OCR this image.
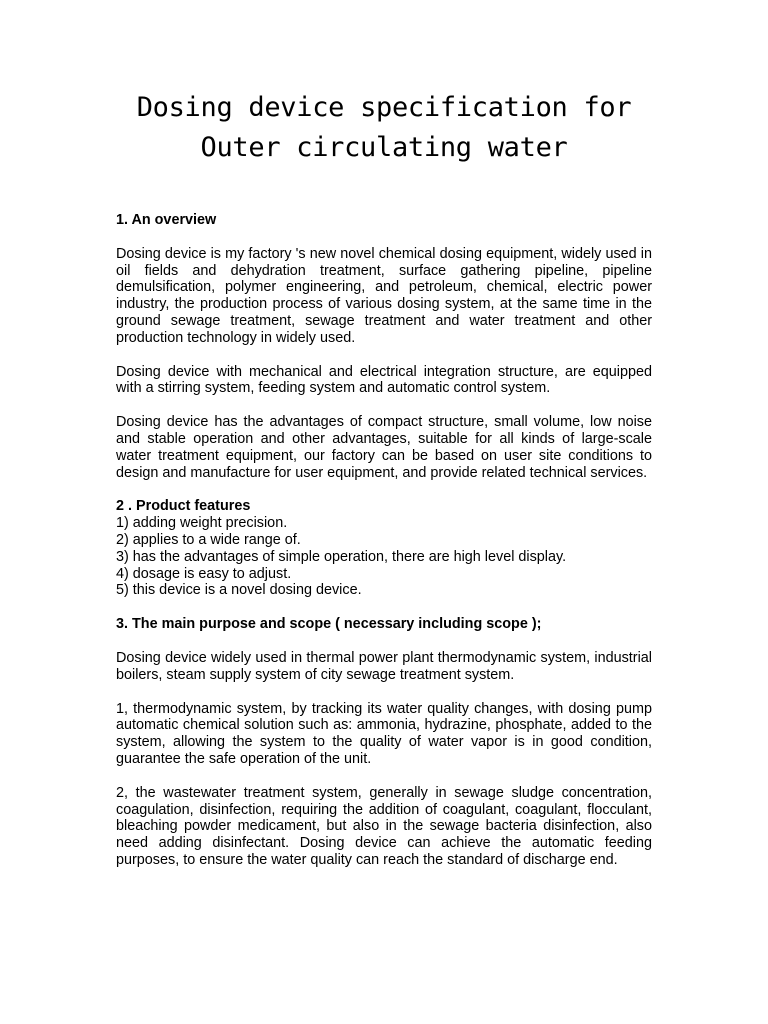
Dosing device specification for
Outer circulating water

1. An overview

Dosing device is my factory 's new novel chemical dosing equipment, widely used in oil fields and dehydration treatment, surface gathering pipeline, pipeline demulsification, polymer engineering, and petroleum, chemical, electric power industry, the production process of various dosing system, at the same time in the ground sewage treatment, sewage treatment and water treatment and other production technology in widely used.

Dosing device with mechanical and electrical integration structure, are equipped with a stirring system, feeding system and automatic control system.

Dosing device has the advantages of compact structure, small volume, low noise and stable operation and other advantages, suitable for all kinds of large-scale water treatment equipment, our factory can be based on user site conditions to design and manufacture for user equipment, and provide related technical services.

2 . Product features

1) adding weight precision.
2) applies to a wide range of.
3) has the advantages of simple operation, there are high level display.
4) dosage is easy to adjust.
5) this device is a novel dosing device.

3. The main purpose and scope ( necessary including scope );

Dosing device widely used in thermal power plant thermodynamic system, industrial boilers, steam supply system of city sewage treatment system.

1, thermodynamic system, by tracking its water quality changes, with dosing pump automatic chemical solution such as: ammonia, hydrazine, phosphate, added to the system, allowing the system to the quality of water vapor is in good condition, guarantee the safe operation of the unit.

2, the wastewater treatment system, generally in sewage sludge concentration, coagulation, disinfection, requiring the addition of coagulant, coagulant, flocculant, bleaching powder medicament, but also in the sewage bacteria disinfection, also need adding disinfectant. Dosing device can achieve the automatic feeding purposes, to ensure the water quality can reach the standard of discharge end.
